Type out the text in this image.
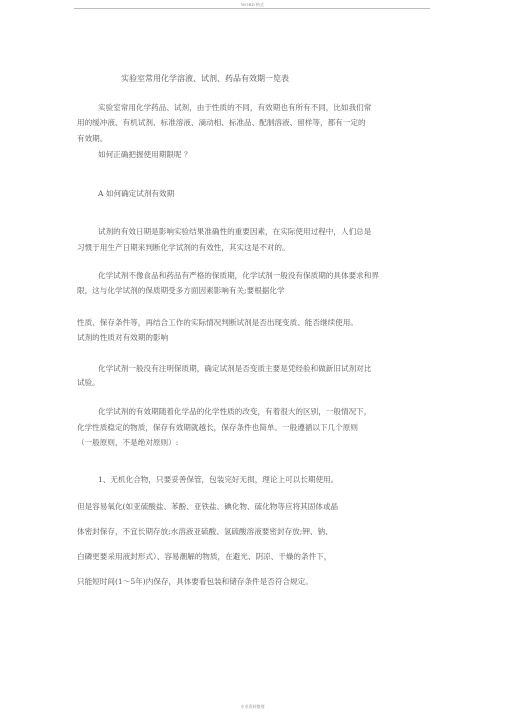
WORD 格式
实验室常用化学溶液、试剂、药品有效期一览表
实验室常用化学药品、试剂，由于性质的不同，有效期也有所有不同，比如我们常
用的缓冲液、有机试剂、标准溶液、滴动相、标准品、配制溶液、留样等，都有一定的
有效期。
如何正确把握使用期限呢 ？
A 如何确定试剂有效期
试剂的有效日期是影响实验结果准确性的重要因素，在实际使用过程中，人们总是
习惯于用生产日期来判断化学试剂的有效性，其实这是不对的。
化学试剂不像食品和药品有严格的保质期，化学试剂一般没有保质期的具体要求和界
限，这与化学试剂的保质期受多方面因素影响有关;要根据化学
性质、保存条件等，再结合工作的实际情况判断试剂是否出现变质、能否继续使用。
试剂的性质对有效期的影响
化学试剂一般没有注明保质期，确定试剂是否变质主要是凭经验和做新旧试剂对比
试验。
化学试剂的有效期随着化学品的化学性质的改变，有着很大的区别，一般情况下，
化学性质稳定的物质，保存有效期就越长，保存条件也简单。一般遵循以下几个原则
（一般原则，不是绝对原则）:
1、无机化合物，只要妥善保管，包装完好无损，理论上可以长期使用。
但是容易氧化(如亚硫酸盐、苯酚、亚铁盐、碘化物、硫化物等应将其固体或晶
体密封保存，不宜长期存放;水溶液亚硫酸、氢硫酸溶液要密封存放;钾、钠、
白磷更要采用液封形式）、容易潮解的物质，在避光、阴凉、干燥的条件下，
只能短时间(1～5年)内保存，具体要看包装和储存条件是否符合规定。
专业资料整理
